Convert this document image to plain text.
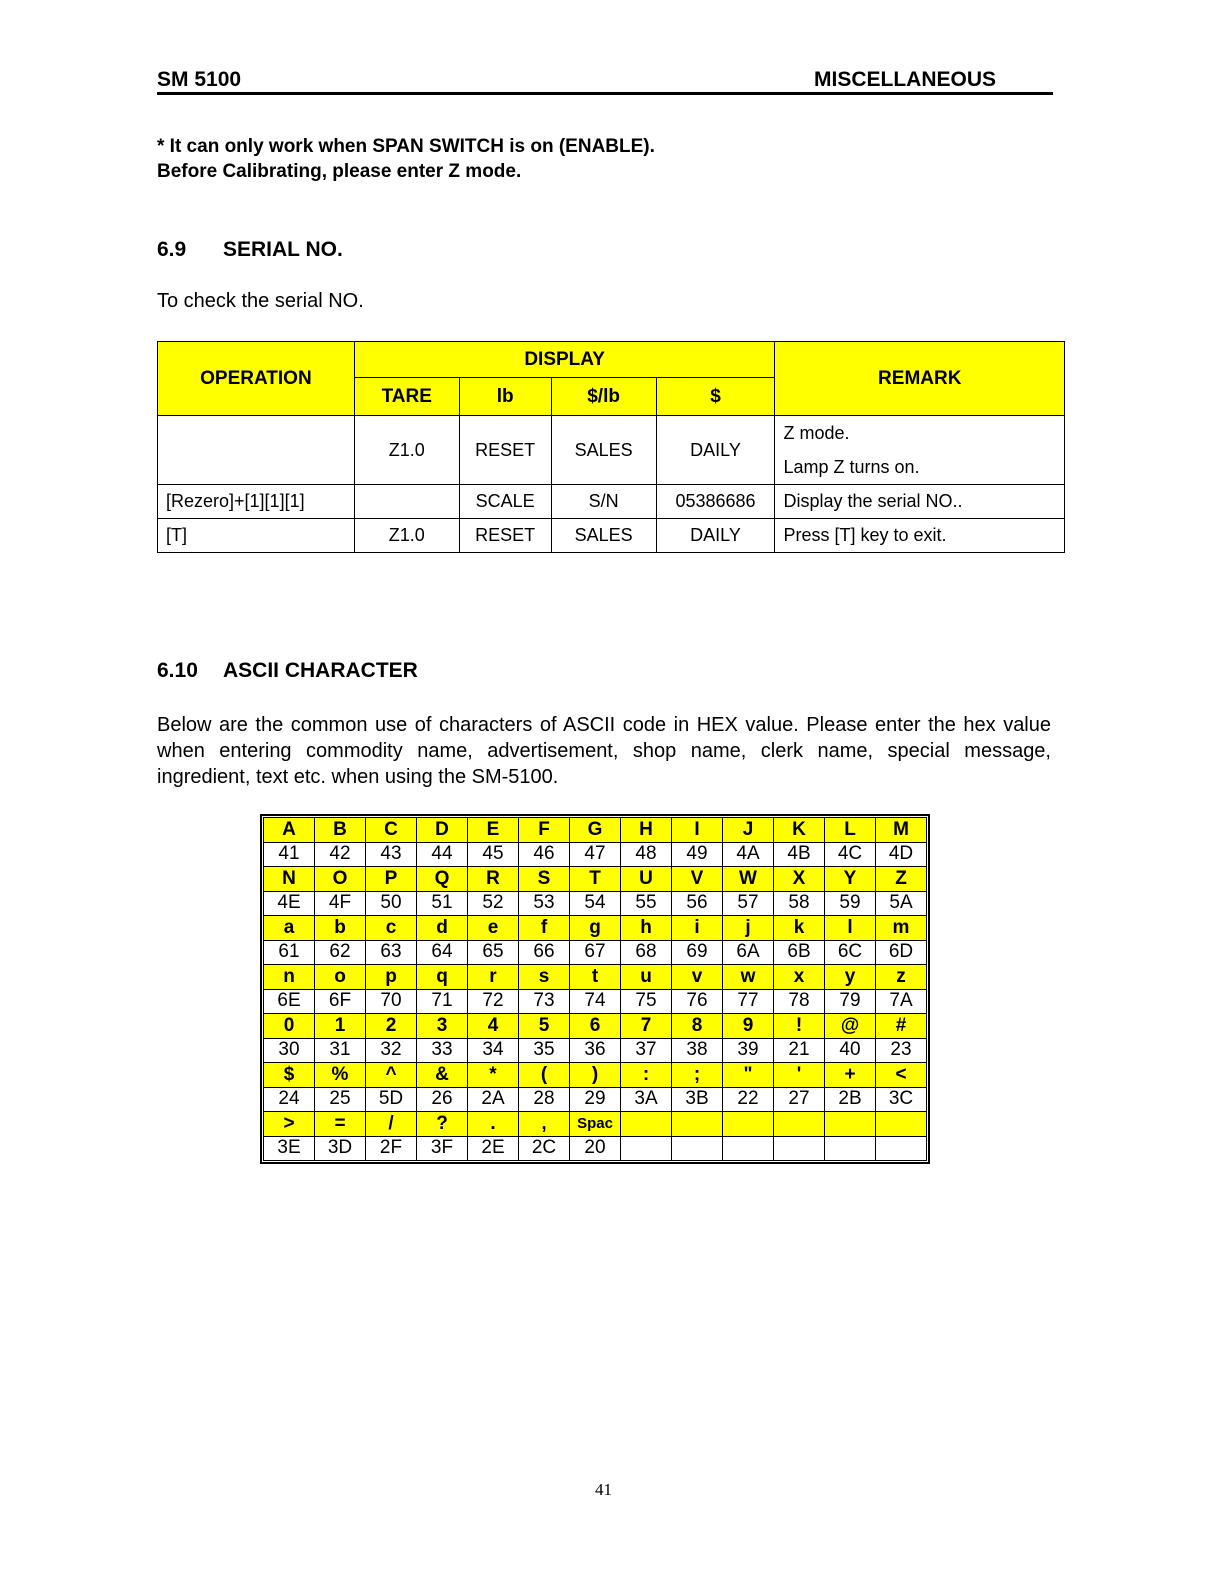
SM 5100	MISCELLANEOUS
* It can only work when SPAN SWITCH is on (ENABLE).
Before Calibrating, please enter Z mode.
6.9 SERIAL NO.
To check the serial NO.
OPERATION	DISPLAY				REMARK
	TARE	lb	$/lb	$	
	Z1.0	RESET	SALES	DAILY	Z mode.
Lamp Z turns on.

[Rezero]+[1][1][1]		SCALE	S/N	05386686	Display the serial NO..
[T]	Z1.0	RESET	SALES	DAILY	Press [T] key to exit.
6.10 ASCII CHARACTER
Below are the common use of characters of ASCII code in HEX value. Please enter the hex value when entering commodity name, advertisement, shop name, clerk name, special message, ingredient, text etc. when using the SM-5100.
A	B	C	D	E	F	G	H	I	J	K	L	M
41	42	43	44	45	46	47	48	49	4A	4B	4C	4D
N	O	P	Q	R	S	T	U	V	W	X	Y	Z
4E	4F	50	51	52	53	54	55	56	57	58	59	5A
a	b	c	d	e	f	g	h	i	j	k	l	m
61	62	63	64	65	66	67	68	69	6A	6B	6C	6D
n	o	p	q	r	s	t	u	v	w	x	y	z
6E	6F	70	71	72	73	74	75	76	77	78	79	7A
0	1	2	3	4	5	6	7	8	9	!	@	#
30	31	32	33	34	35	36	37	38	39	21	40	23
$	%	^	&	*	(	)	:	;	"	'	+	<
24	25	5D	26	2A	28	29	3A	3B	22	27	2B	3C
>	=	/	?	.	,	Spac						
3E	3D	2F	3F	2E	2C	20						
41
